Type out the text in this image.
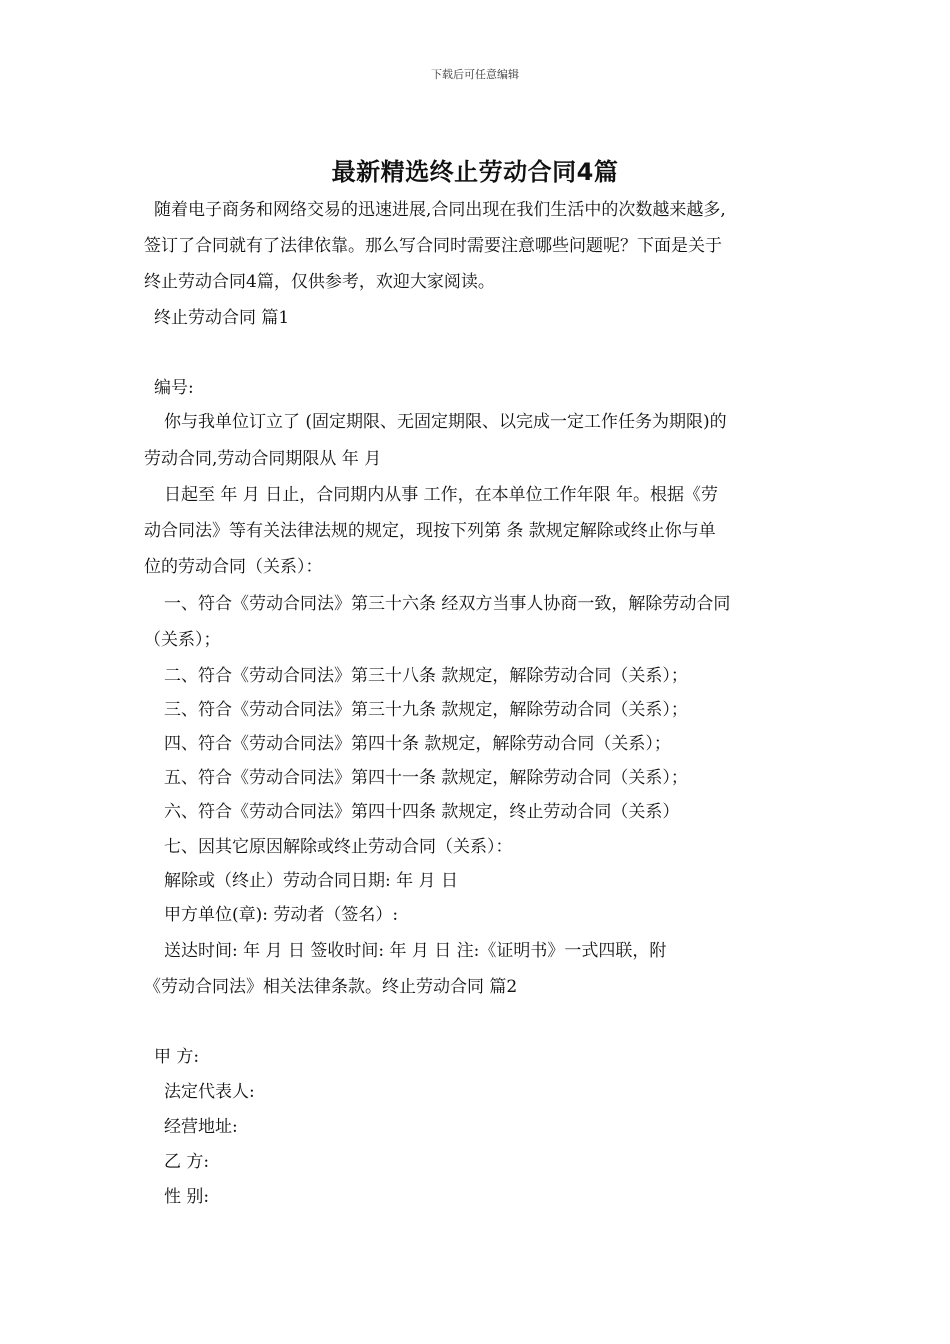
下载后可任意编辑
最新精选终止劳动合同4篇
随着电子商务和网络交易的迅速进展,合同出现在我们生活中的次数越来越多,
签订了合同就有了法律依靠。那么写合同时需要注意哪些问题呢？下面是关于
终止劳动合同4篇，仅供参考，欢迎大家阅读。
终止劳动合同 篇1
编号:
你与我单位订立了 (固定期限、无固定期限、以完成一定工作任务为期限)的
劳动合同,劳动合同期限从 年 月
日起至 年 月 日止，合同期内从事 工作，在本单位工作年限 年。根据《劳
动合同法》等有关法律法规的规定，现按下列第 条 款规定解除或终止你与单
位的劳动合同（关系）：
一、符合《劳动合同法》第三十六条 经双方当事人协商一致，解除劳动合同
（关系）；
二、符合《劳动合同法》第三十八条 款规定，解除劳动合同（关系）；
三、符合《劳动合同法》第三十九条 款规定，解除劳动合同（关系）；
四、符合《劳动合同法》第四十条 款规定，解除劳动合同（关系）；
五、符合《劳动合同法》第四十一条 款规定，解除劳动合同（关系）；
六、符合《劳动合同法》第四十四条 款规定，终止劳动合同（关系）
七、因其它原因解除或终止劳动合同（关系）：
解除或（终止）劳动合同日期: 年 月 日
甲方单位(章): 劳动者（签名）:
送达时间: 年 月 日 签收时间: 年 月 日 注:《证明书》一式四联，附
《劳动合同法》相关法律条款。终止劳动合同 篇2
甲 方:
法定代表人:
经营地址:
乙 方:
性 别:
